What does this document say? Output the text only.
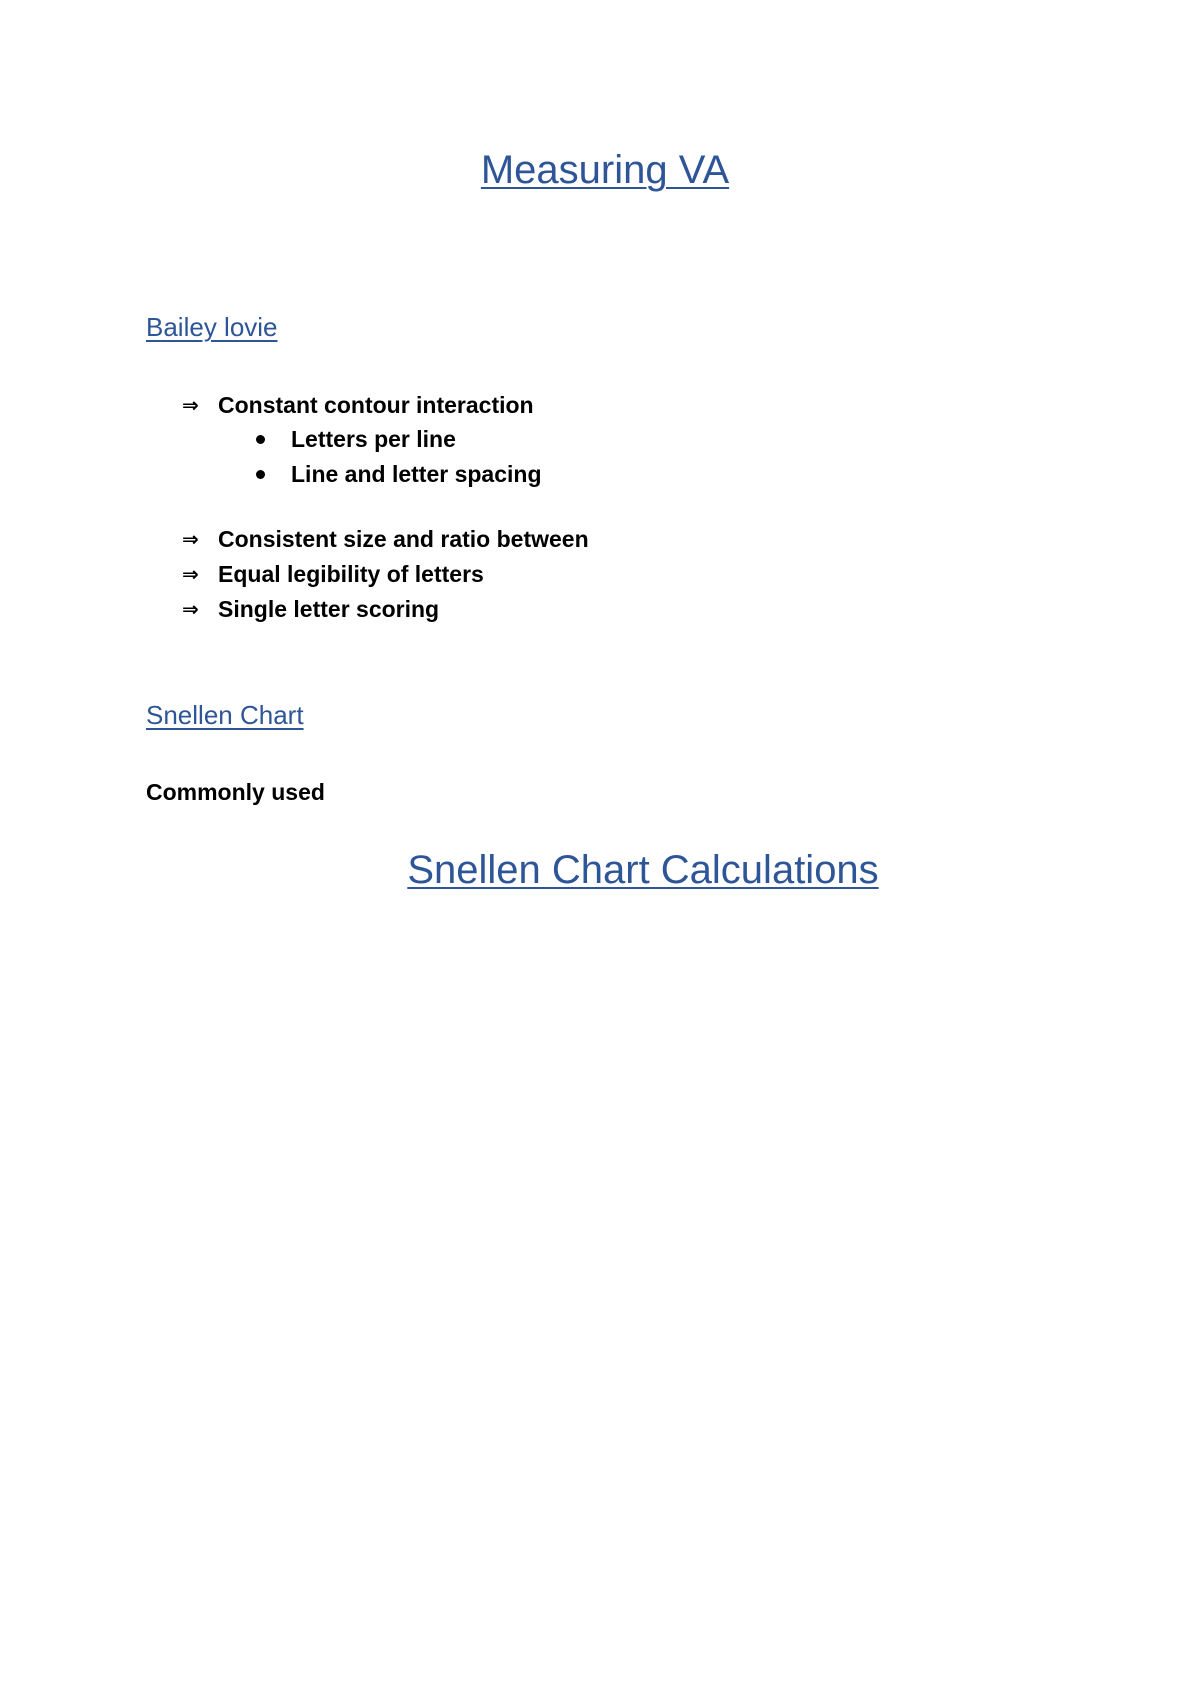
Measuring VA
Bailey lovie
⇒ Constant contour interaction
Letters per line
Line and letter spacing
⇒ Consistent size and ratio between
⇒ Equal legibility of letters
⇒ Single letter scoring
Snellen Chart
Commonly used
Snellen Chart Calculations
